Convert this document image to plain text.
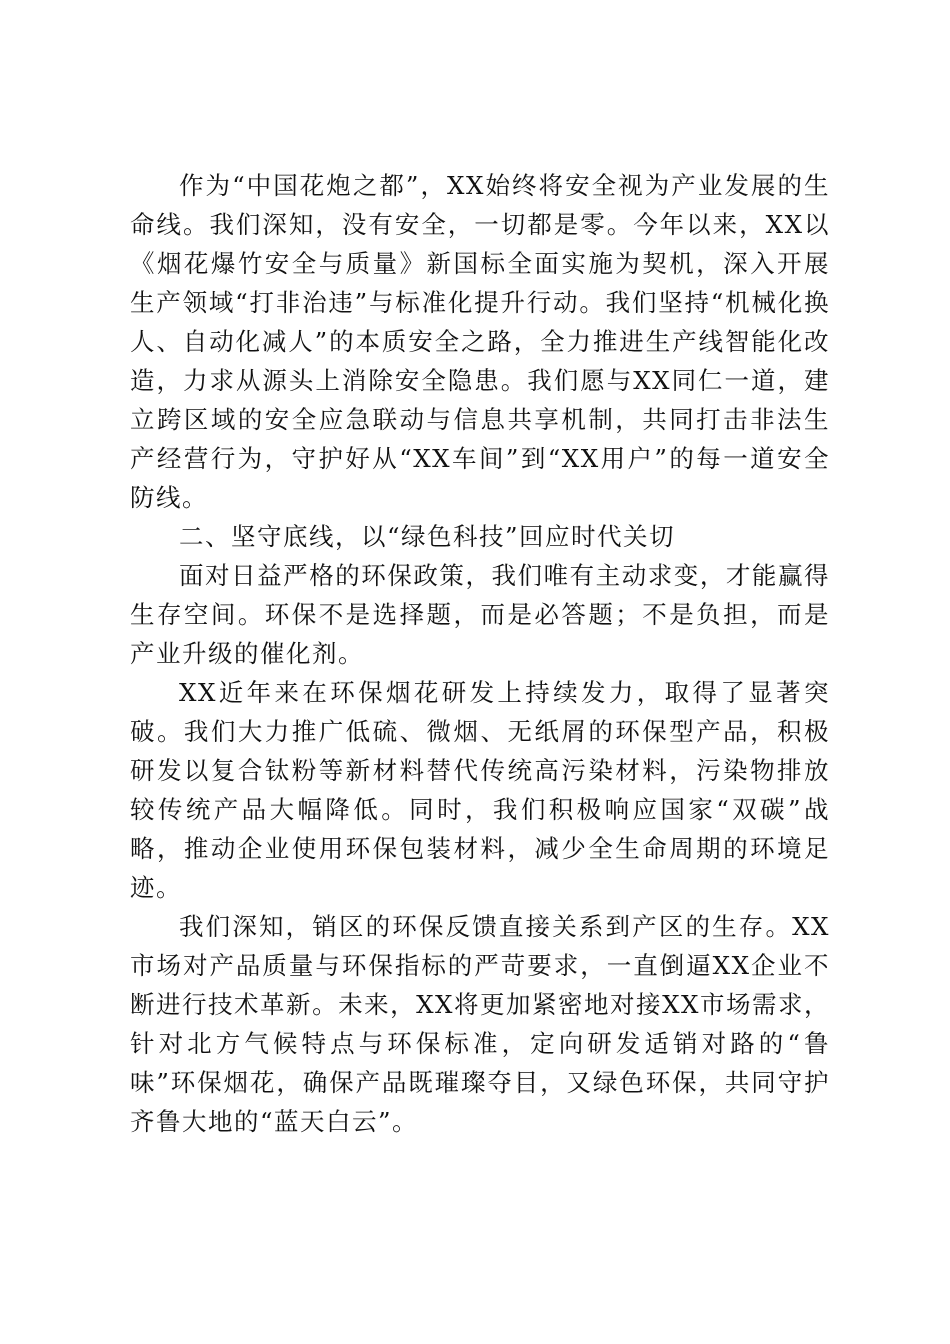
作为“中国花炮之都”，XX始终将安全视为产业发展的生命线。我们深知，没有安全，一切都是零。今年以来，XX以《烟花爆竹安全与质量》新国标全面实施为契机，深入开展生产领域“打非治违”与标准化提升行动。我们坚持“机械化换人、自动化减人”的本质安全之路，全力推进生产线智能化改造，力求从源头上消除安全隐患。我们愿与XX同仁一道，建立跨区域的安全应急联动与信息共享机制，共同打击非法生产经营行为，守护好从“XX车间”到“XX用户”的每一道安全防线。

二、坚守底线，以“绿色科技”回应时代关切

面对日益严格的环保政策，我们唯有主动求变，才能赢得生存空间。环保不是选择题，而是必答题；不是负担，而是产业升级的催化剂。

XX近年来在环保烟花研发上持续发力，取得了显著突破。我们大力推广低硫、微烟、无纸屑的环保型产品，积极研发以复合钛粉等新材料替代传统高污染材料，污染物排放较传统产品大幅降低。同时，我们积极响应国家“双碳”战略，推动企业使用环保包装材料，减少全生命周期的环境足迹。

我们深知，销区的环保反馈直接关系到产区的生存。XX市场对产品质量与环保指标的严苛要求，一直倒逼XX企业不断进行技术革新。未来，XX将更加紧密地对接XX市场需求，针对北方气候特点与环保标准，定向研发适销对路的“鲁味”环保烟花，确保产品既璀璨夺目，又绿色环保，共同守护齐鲁大地的“蓝天白云”。
